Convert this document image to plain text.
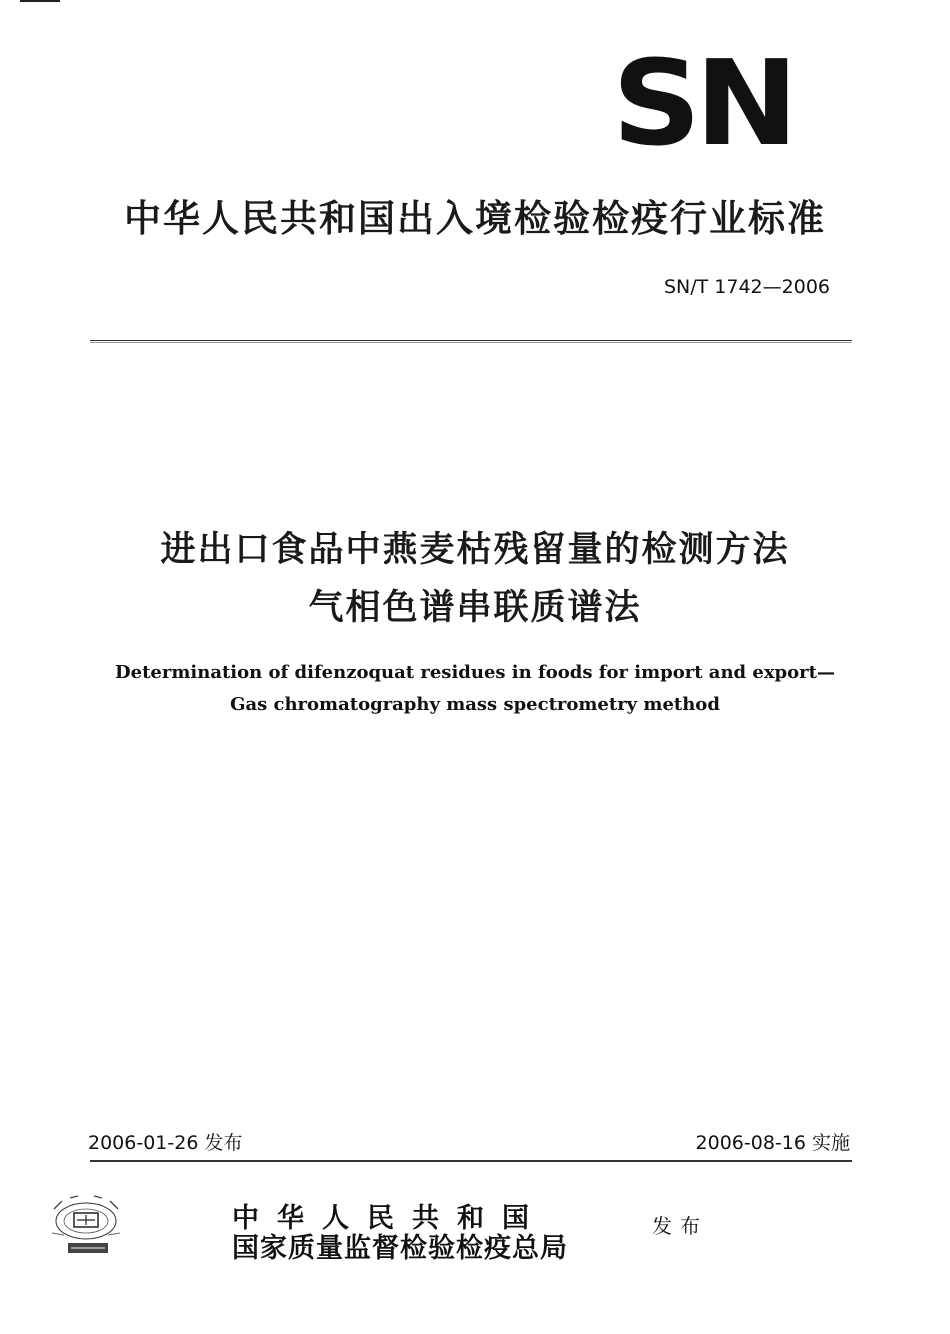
SN
中华人民共和国出入境检验检疫行业标准
SN/T 1742—2006
进出口食品中燕麦枯残留量的检测方法
气相色谱串联质谱法
Determination of difenzoquat residues in foods for import and export—
Gas chromatography mass spectrometry method
2006-01-26 发布	2006-08-16 实施
中华人民共和国
国家质量监督检验检疫总局
发布
